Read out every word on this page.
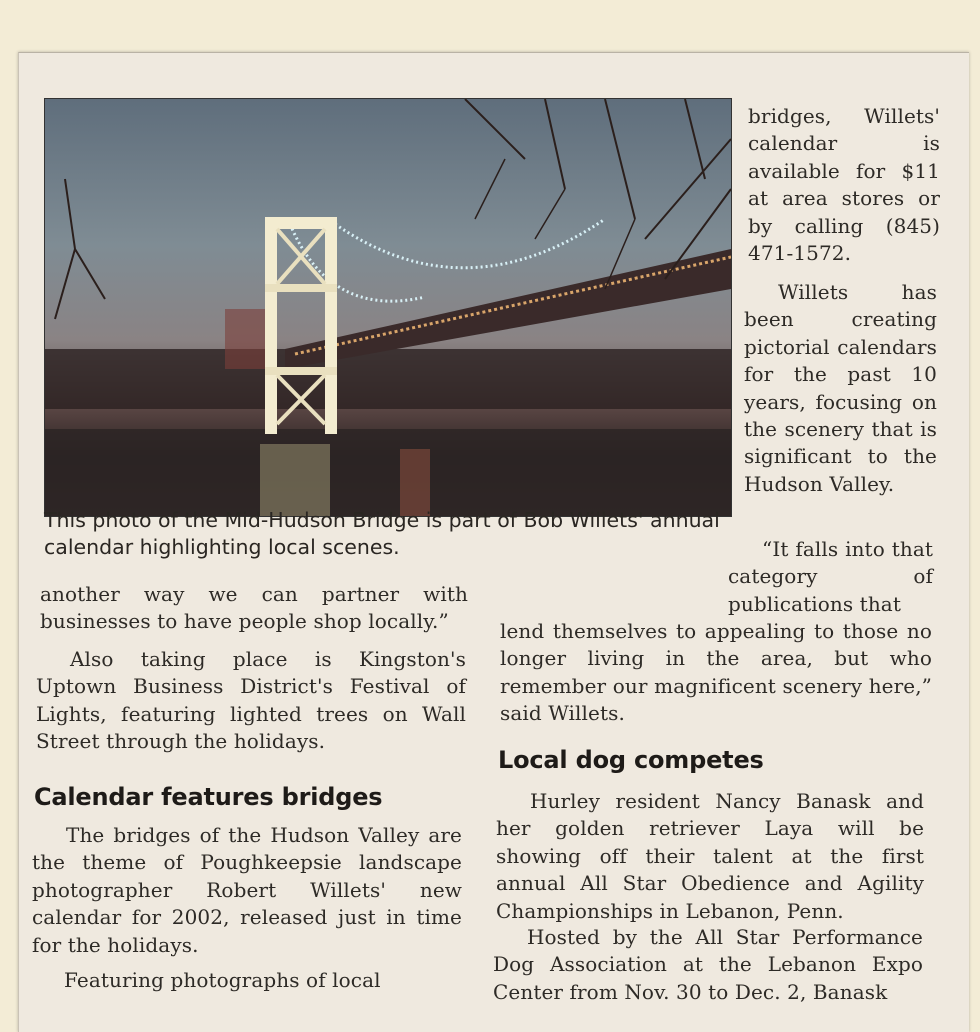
This photo of the Mid-Hudson Bridge is part of Bob Willets' annual calendar highlighting local scenes.

bridges, Willets' calendar is available for $11 at area stores or by calling (845) 471-1572.

Willets has been creating pictorial calendars for the past 10 years, focusing on the scenery that is significant to the Hudson Valley.

“It falls into that category of publications that

another way we can partner with businesses to have people shop locally.”

Also taking place is Kingston's Uptown Business District's Festival of Lights, featuring lighted trees on Wall Street through the holidays.

Calendar features bridges

The bridges of the Hudson Valley are the theme of Poughkeepsie landscape photographer Robert Willets' new calendar for 2002, released just in time for the holidays.

Featuring photographs of local

lend themselves to appealing to those no longer living in the area, but who remember our magnificent scenery here,” said Willets.

Local dog competes

Hurley resident Nancy Banask and her golden retriever Laya will be showing off their talent at the first annual All Star Obedience and Agility Championships in Lebanon, Penn.

Hosted by the All Star Performance Dog Association at the Lebanon Expo Center from Nov. 30 to Dec. 2, Banask
